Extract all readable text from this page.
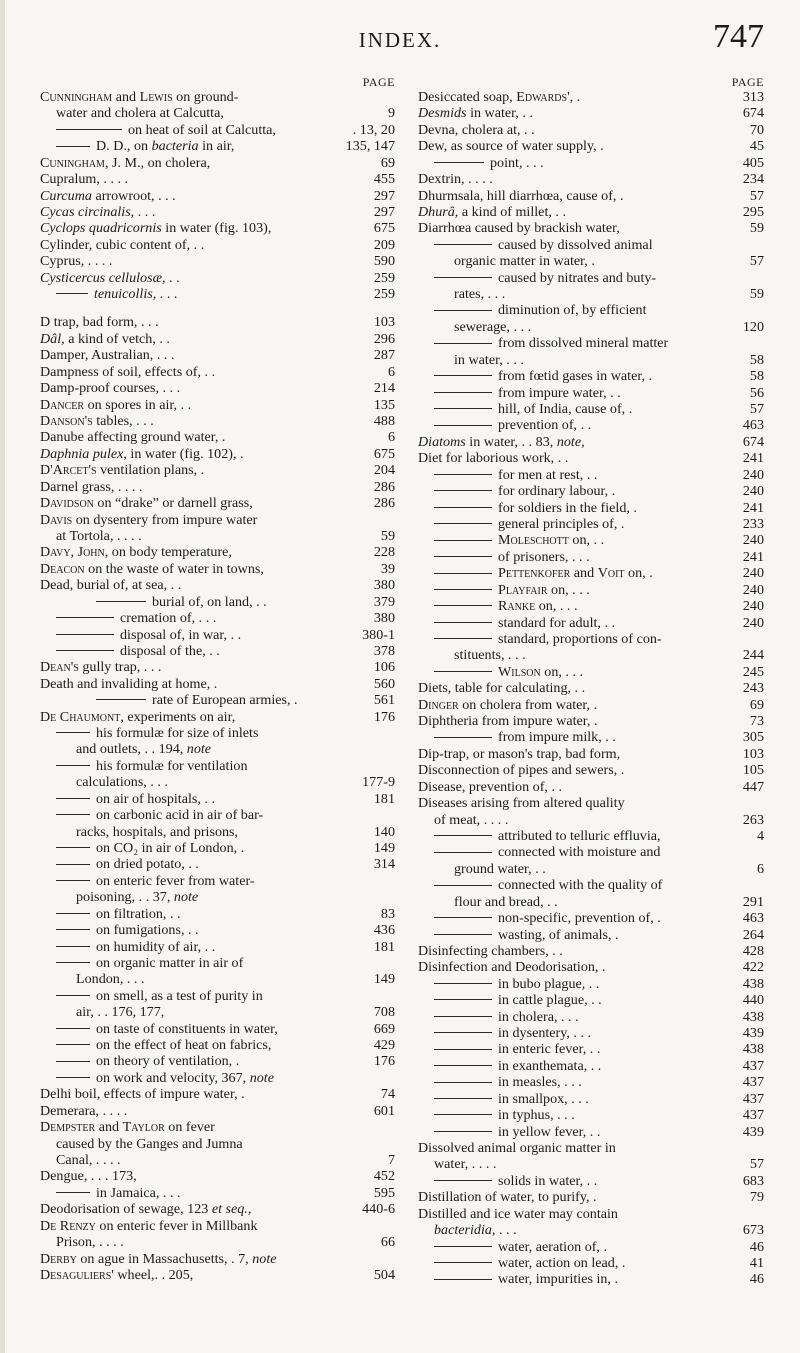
INDEX.	747
PAGE
Cunningham and Lewis on ground-
water and cholera at Calcutta,	9
on heat of soil at Calcutta,	. 13, 20
D. D., on bacteria in air,	135, 147
Cuningham, J. M., on cholera,	69
Cupralum, . . . .	455
Curcuma arrowroot, . . .	297
Cycas circinalis, . . .	297
Cyclops quadricornis in water (fig. 103),	675
Cylinder, cubic content of, . .	209
Cyprus, . . . .	590
Cysticercus cellulosæ, . .	259
tenuicollis, . . .	259
D trap, bad form, . . .	103
Dâl, a kind of vetch, . .	296
Damper, Australian, . . .	287
Dampness of soil, effects of, . .	6
Damp-proof courses, . . .	214
Dancer on spores in air, . .	135
Danson's tables, . . .	488
Danube affecting ground water, .	6
Daphnia pulex, in water (fig. 102), .	675
D'Arcet's ventilation plans, .	204
Darnel grass, . . . .	286
Davidson on “drake” or darnell grass,	286
Davis on dysentery from impure water
at Tortola, . . . .	59
Davy, John, on body temperature,	228
Deacon on the waste of water in towns,	39
Dead, burial of, at sea, . .	380
burial of, on land, . .	379
cremation of, . . .	380
disposal of, in war, . .	380-1
disposal of the, . .	378
Dean's gully trap, . . .	106
Death and invaliding at home, .	560
rate of European armies, .	561
De Chaumont, experiments on air,	176
his formulæ for size of inlets
and outlets, . . 194, note
his formulæ for ventilation
calculations, . . .	177-9
on air of hospitals, . .	181
on carbonic acid in air of bar-
racks, hospitals, and prisons,	140
on CO₂ in air of London, .	149
on dried potato, . .	314
on enteric fever from water-
poisoning, . . 37, note
on filtration, . .	83
on fumigations, . .	436
on humidity of air, . .	181
on organic matter in air of
London, . . .	149
on smell, as a test of purity in
air, . . 176, 177,	708
on taste of constituents in water,	669
on the effect of heat on fabrics,	429
on theory of ventilation, .	176
on work and velocity, 367, note
Delhi boil, effects of impure water, .	74
Demerara, . . . .	601
Dempster and Taylor on fever
caused by the Ganges and Jumna
Canal, . . . .	7
Dengue, . . . 173,	452
in Jamaica, . . .	595
Deodorisation of sewage, 123 et seq.,	440-6
De Renzy on enteric fever in Millbank
Prison, . . . .	66
Derby on ague in Massachusetts, . 7, note
Desaguliers' wheel,. . 205,	504
PAGE
Desiccated soap, Edwards', .	313
Desmids in water, . .	674
Devna, cholera at, . .	70
Dew, as source of water supply, .	45
point, . . .	405
Dextrin, . . . .	234
Dhurmsala, hill diarrhœa, cause of, .	57
Dhurâ, a kind of millet, . .	295
Diarrhœa caused by brackish water,	59
caused by dissolved animal
organic matter in water, .	57
caused by nitrates and buty-
rates, . . .	59
diminution of, by efficient
sewerage, . . .	120
from dissolved mineral matter
in water, . . .	58
from fœtid gases in water, .	58
from impure water, . .	56
hill, of India, cause of, .	57
prevention of, . .	463
Diatoms in water, . . 83, note,	674
Diet for laborious work, . .	241
for men at rest, . .	240
for ordinary labour, .	240
for soldiers in the field, .	241
general principles of, .	233
Moleschott on, . .	240
of prisoners, . . .	241
Pettenkofer and Voit on, .	240
Playfair on, . . .	240
Ranke on, . . .	240
standard for adult, . .	240
standard, proportions of con-
stituents, . . .	244
Wilson on, . . .	245
Diets, table for calculating, . .	243
Dinger on cholera from water, .	69
Diphtheria from impure water, .	73
from impure milk, . .	305
Dip-trap, or mason's trap, bad form,	103
Disconnection of pipes and sewers, .	105
Disease, prevention of, . .	447
Diseases arising from altered quality
of meat, . . . .	263
attributed to telluric effluvia,	4
connected with moisture and
ground water, . .	6
connected with the quality of
flour and bread, . .	291
non-specific, prevention of, .	463
wasting, of animals, .	264
Disinfecting chambers, . .	428
Disinfection and Deodorisation, .	422
in bubo plague, . .	438
in cattle plague, . .	440
in cholera, . . .	438
in dysentery, . . .	439
in enteric fever, . .	438
in exanthemata, . .	437
in measles, . . .	437
in smallpox, . . .	437
in typhus, . . .	437
in yellow fever, . .	439
Dissolved animal organic matter in
water, . . . .	57
solids in water, . .	683
Distillation of water, to purify, .	79
Distilled and ice water may contain
bacteridia, . . .	673
water, aeration of, .	46
water, action on lead, .	41
water, impurities in, .	46
